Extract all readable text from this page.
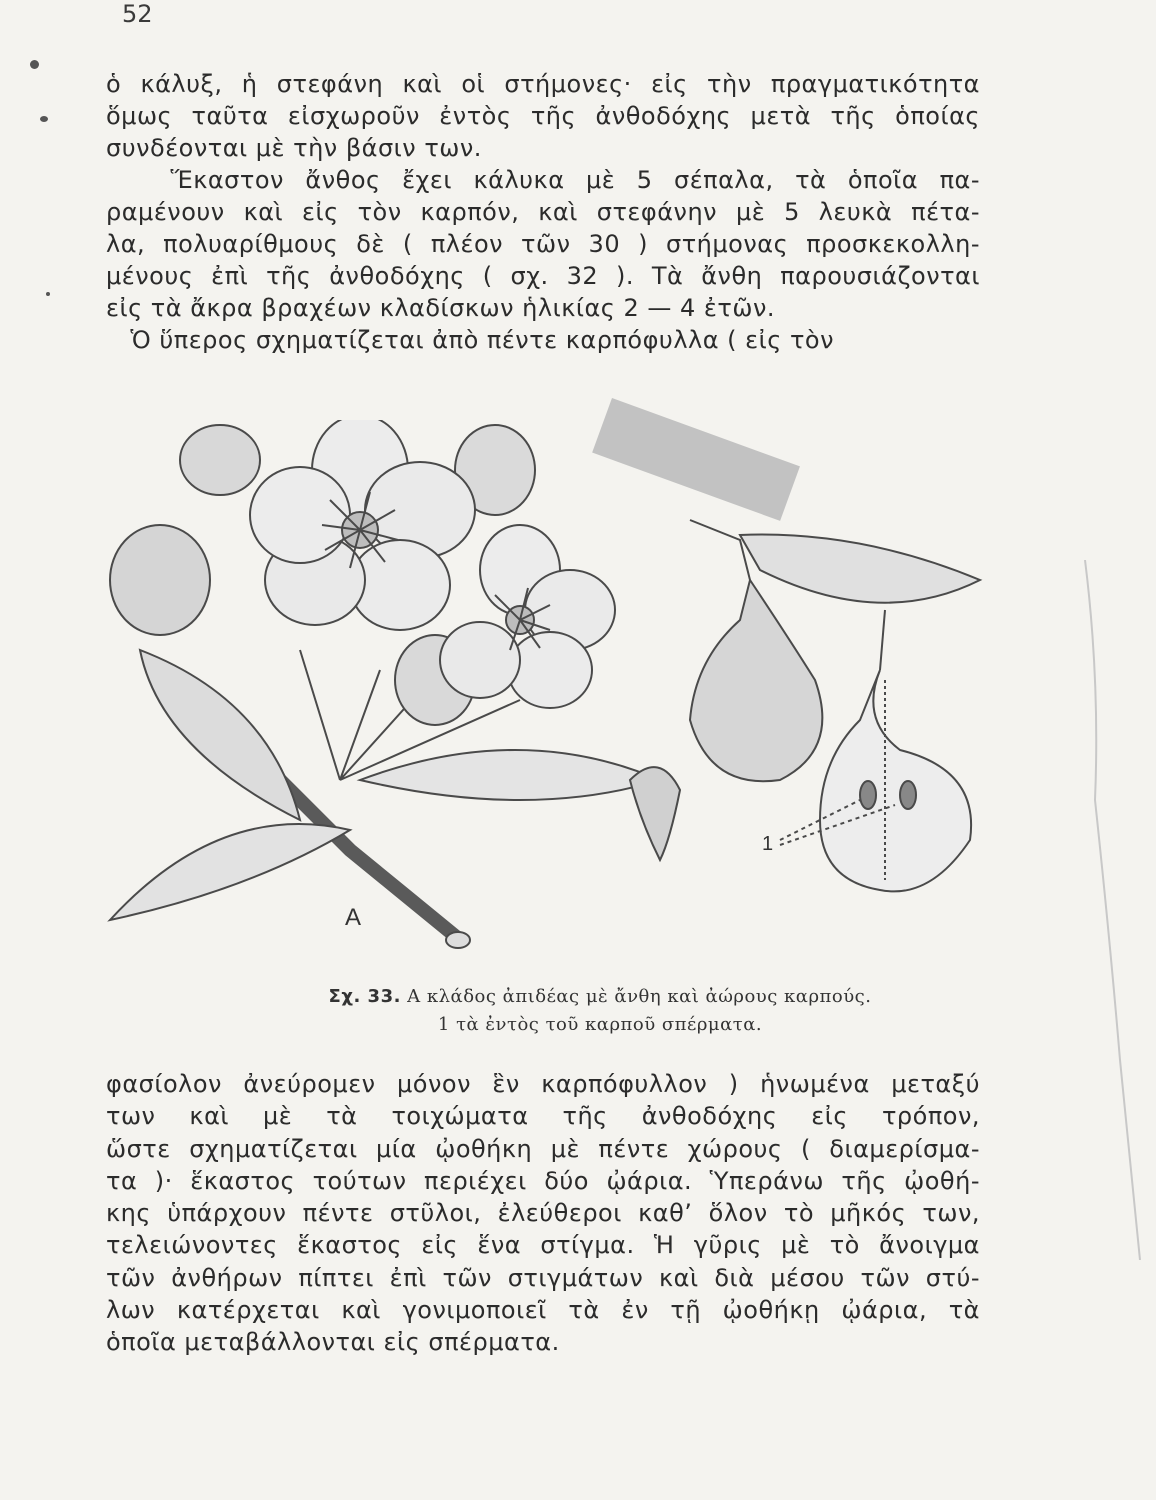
52
ὁ κάλυξ, ἡ στεφάνη καὶ οἱ στήμονες· εἰς τὴν πραγματικότητα
ὅμως ταῦτα εἰσχωροῦν ἐντὸς τῆς ἀνθοδόχης μετὰ τῆς ὁποίας
συνδέονται μὲ τὴν βάσιν των.
Ἕκαστον ἄνθος ἔχει κάλυκα μὲ 5 σέπαλα, τὰ ὁποῖα πα-
ραμένουν καὶ εἰς τὸν καρπόν, καὶ στεφάνην μὲ 5 λευκὰ πέτα-
λα, πολυαρίθμους δὲ ( πλέον τῶν 30 ) στήμονας προσκεκολλη-
μένους ἐπὶ τῆς ἀνθοδόχης ( σχ. 32 ). Τὰ ἄνθη παρουσιάζονται
εἰς τὰ ἄκρα βραχέων κλαδίσκων ἡλικίας 2 — 4 ἐτῶν.
Ὁ ὕπερος σχηματίζεται ἀπὸ πέντε καρπόφυλλα ( εἰς τὸν
Α
1
Σχ. 33. Α κλάδος ἀπιδέας μὲ ἄνθη καὶ ἀώρους καρπούς.
1 τὰ ἐντὸς τοῦ καρποῦ σπέρματα.
φασίολον ἀνεύρομεν μόνον ἓν καρπόφυλλον ) ἡνωμένα μεταξύ
των καὶ μὲ τὰ τοιχώματα τῆς ἀνθοδόχης εἰς τρόπον,
ὥστε σχηματίζεται μία ᾠοθήκη μὲ πέντε χώρους ( διαμερίσμα-
τα )· ἕκαστος τούτων περιέχει δύο ᾠάρια. Ὑπεράνω τῆς ᾠοθή-
κης ὑπάρχουν πέντε στῦλοι, ἐλεύθεροι καθ’ ὅλον τὸ μῆκός των,
τελειώνοντες ἕκαστος εἰς ἕνα στίγμα. Ἡ γῦρις μὲ τὸ ἄνοιγμα
τῶν ἀνθήρων πίπτει ἐπὶ τῶν στιγμάτων καὶ διὰ μέσου τῶν στύ-
λων κατέρχεται καὶ γονιμοποιεῖ τὰ ἐν τῇ ᾠοθήκῃ ᾠάρια, τὰ
ὁποῖα μεταβάλλονται εἰς σπέρματα.
